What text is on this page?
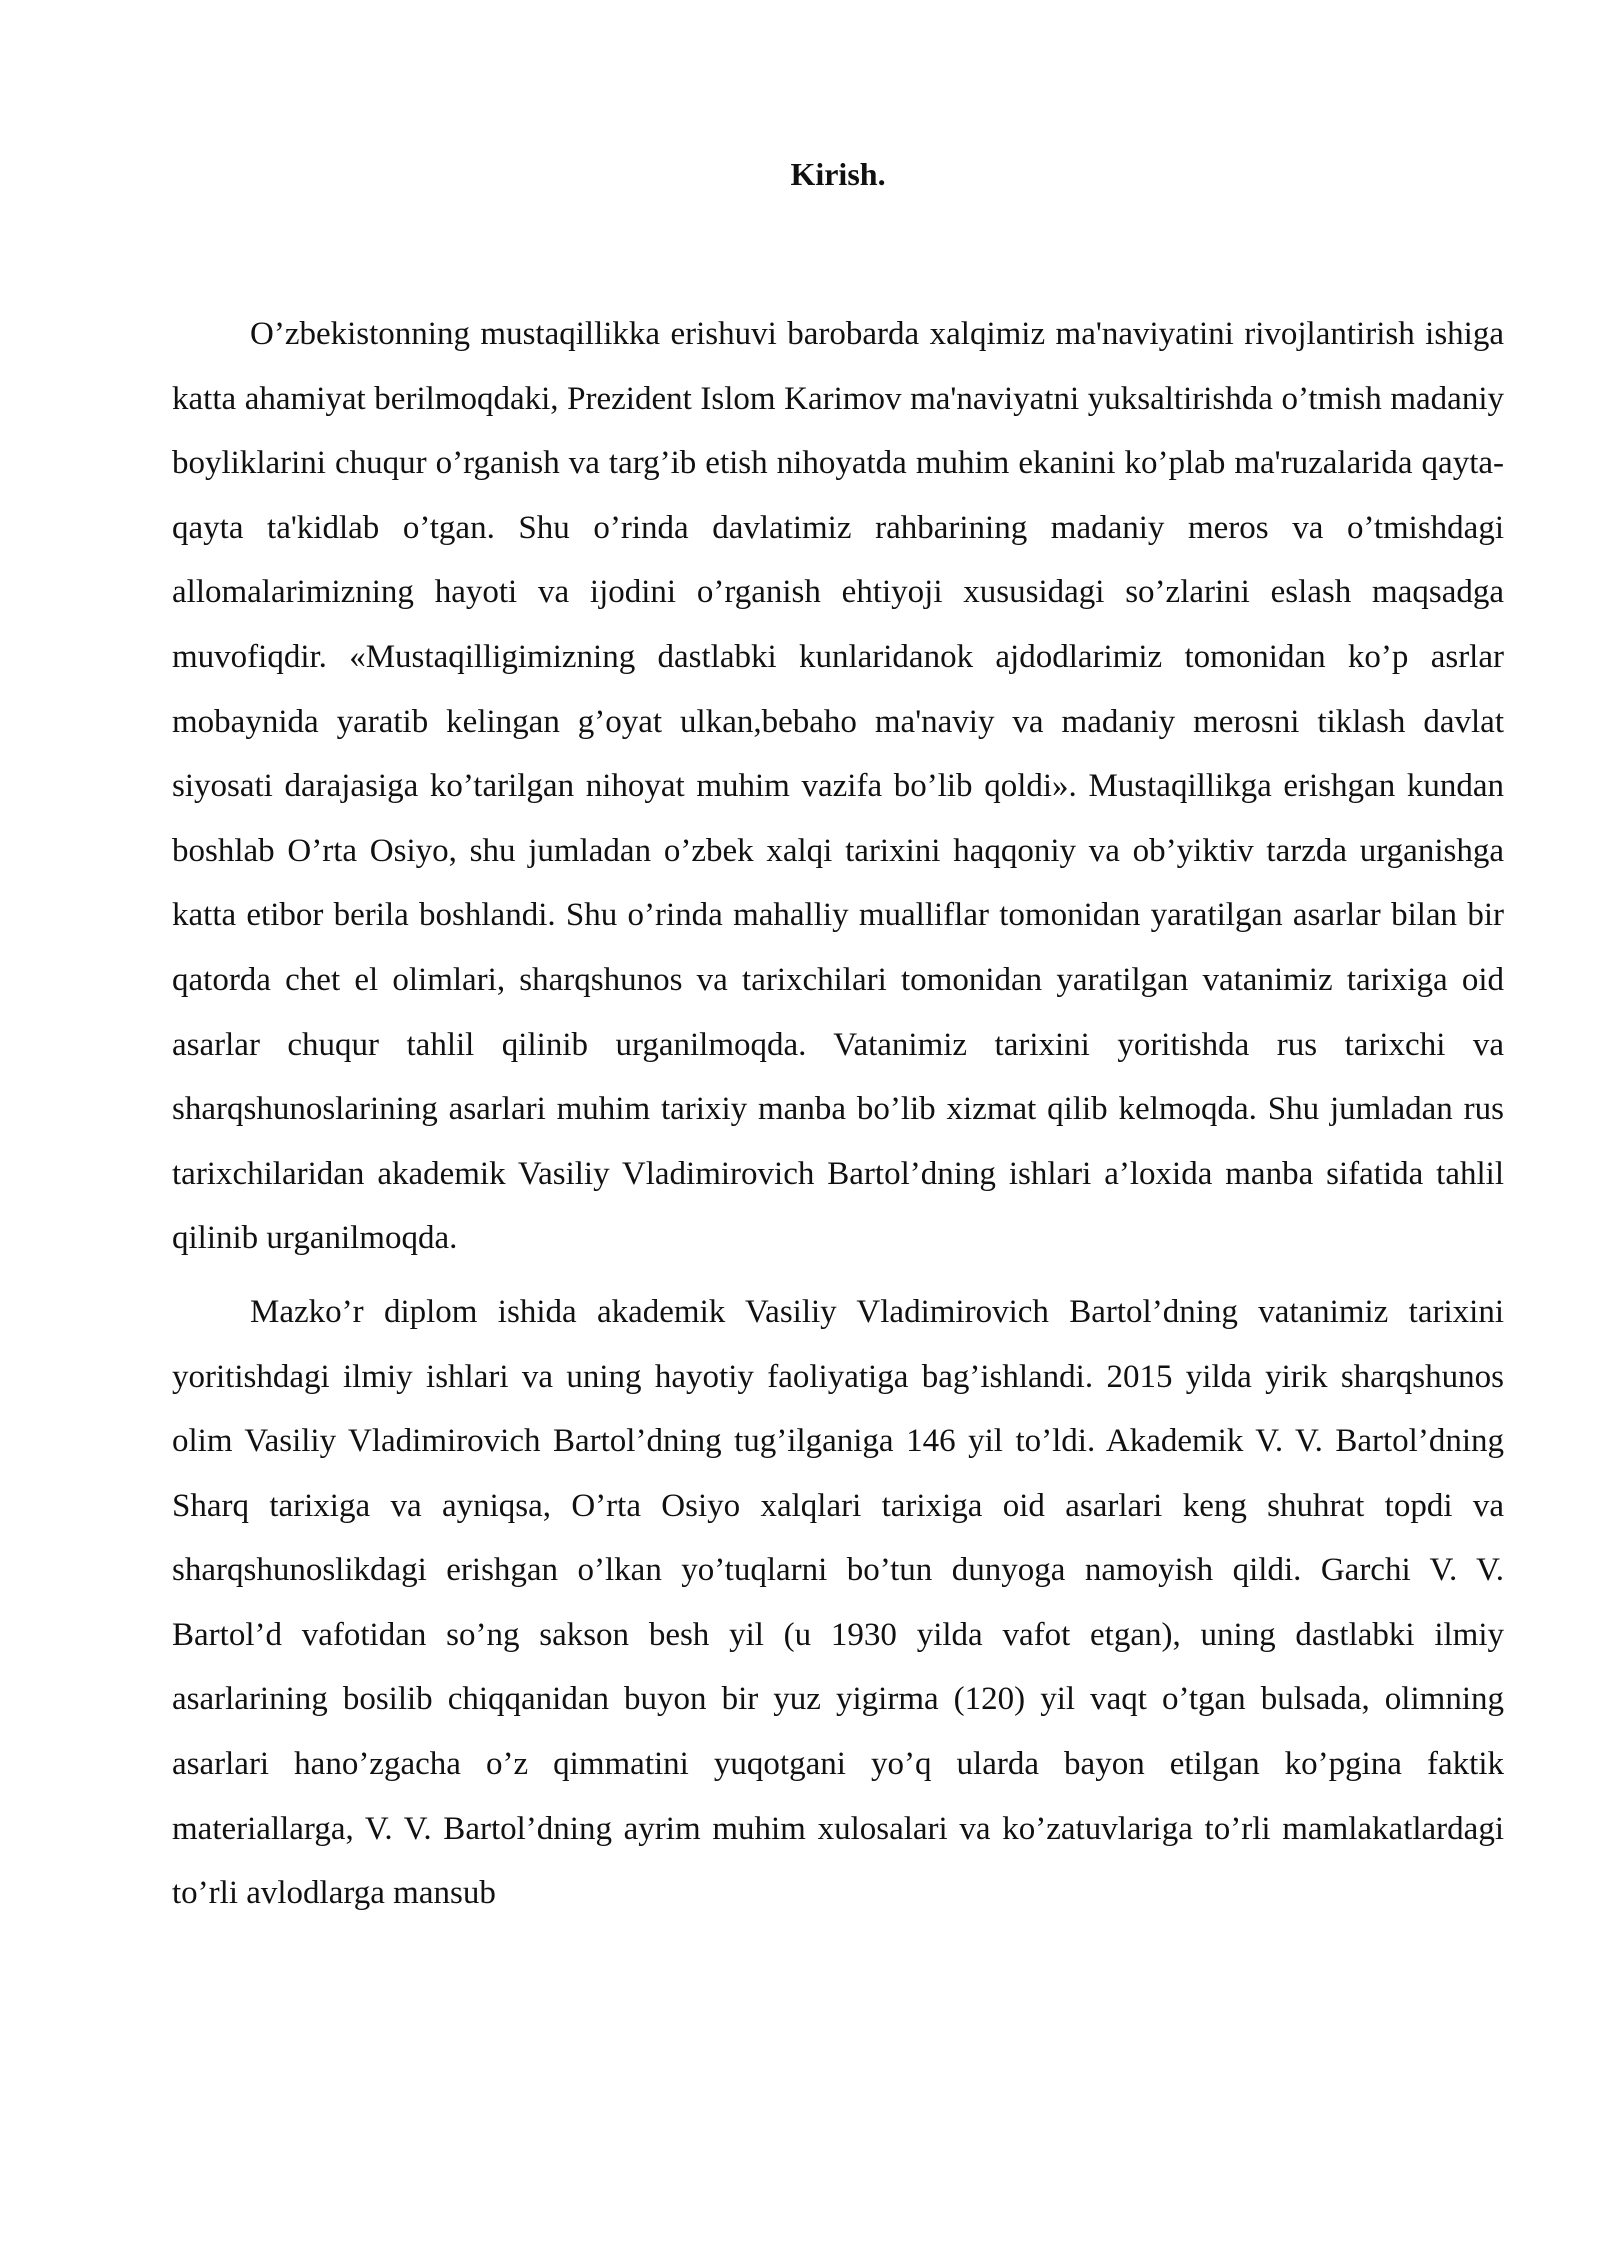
Kirish.

O’zbekistonning mustaqillikka erishuvi barobarda xalqimiz ma'naviyatini rivojlantirish ishiga katta ahamiyat berilmoqdaki, Prezident Islom Karimov ma'naviyatni yuksaltirishda o’tmish madaniy boyliklarini chuqur o’rganish va targ’ib etish nihoyatda muhim ekanini ko’plab ma'ruzalarida qayta-qayta ta'kidlab o’tgan. Shu o’rinda davlatimiz rahbarining madaniy meros va o’tmishdagi allomalarimizning hayoti va ijodini o’rganish ehtiyoji xususidagi so’zlarini eslash maqsadga muvofiqdir. «Mustaqilligimizning dastlabki kunlaridanok ajdodlarimiz tomonidan ko’p asrlar mobaynida yaratib kelingan g’oyat ulkan,bebaho ma'naviy va madaniy merosni tiklash davlat siyosati darajasiga ko’tarilgan nihoyat muhim vazifa bo’lib qoldi». Mustaqillikga erishgan kundan boshlab O’rta Osiyo, shu jumladan o’zbek xalqi tarixini haqqoniy va ob’yiktiv tarzda urganishga katta etibor berila boshlandi. Shu o’rinda mahalliy mualliflar tomonidan yaratilgan asarlar bilan bir qatorda chet el olimlari, sharqshunos va tarixchilari tomonidan yaratilgan vatanimiz tarixiga oid asarlar chuqur tahlil qilinib urganilmoqda. Vatanimiz tarixini yoritishda rus tarixchi va sharqshunoslarining asarlari muhim tarixiy manba bo’lib xizmat qilib kelmoqda. Shu jumladan rus tarixchilaridan akademik Vasiliy Vladimirovich Bartol’dning ishlari a’loxida manba sifatida tahlil qilinib urganilmoqda.

Mazko’r diplom ishida akademik Vasiliy Vladimirovich Bartol’dning vatanimiz tarixini yoritishdagi ilmiy ishlari va uning hayotiy faoliyatiga bag’ishlandi. 2015 yilda yirik sharqshunos olim Vasiliy Vladimirovich Bartol’dning tug’ilganiga 146 yil to’ldi. Akademik V. V. Bartol’dning Sharq tarixiga va ayniqsa, O’rta Osiyo xalqlari tarixiga oid asarlari keng shuhrat topdi va sharqshunoslikdagi erishgan o’lkan yo’tuqlarni bo’tun dunyoga namoyish qildi. Garchi V. V. Bartol’d vafotidan so’ng sakson besh yil (u 1930 yilda vafot etgan), uning dastlabki ilmiy asarlarining bosilib chiqqanidan buyon bir yuz yigirma (120) yil vaqt o’tgan bulsada, olimning asarlari hano’zgacha o’z qimmatini yuqotgani yo’q ularda bayon etilgan ko’pgina faktik materiallarga, V. V. Bartol’dning ayrim muhim xulosalari va ko’zatuvlariga to’rli mamlakatlardagi to’rli avlodlarga mansub
